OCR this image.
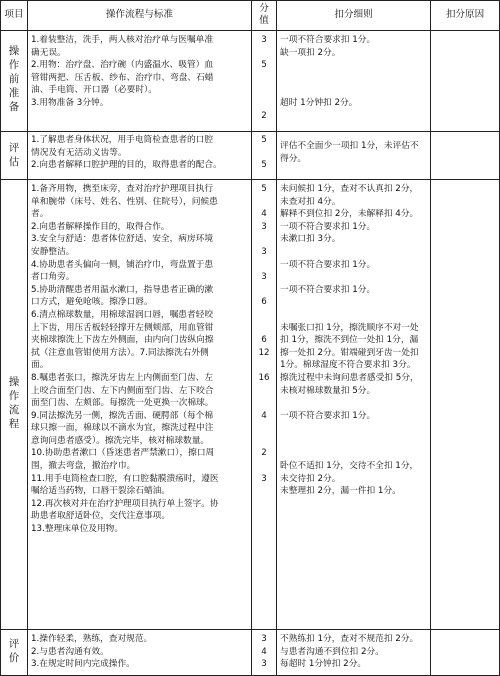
项目	操作流程与标准
分
值
扣分细则	扣分原因
操 作 前 准 备
1.着装整洁，洗手，两人核对治疗单与医嘱单准
确无误。
2.用物：治疗盘、治疗碗（内盛温水、吸管）血
管钳两把、压舌板、纱布、治疗巾、弯盘、石蜡
油、手电筒、开口器（必要时）。
3.用物准备 3分钟。
3

5

2
一项不符合要求扣 1分。
缺一项扣 2分。

超时 1分钟扣 2分。
评 估
1.了解患者身体状况，用手电筒检查患者的口腔
情况及有无活动义齿等。
2.向患者解释口腔护理的目的，取得患者的配合。
5

5
评估不全面少一项扣 1分，未评估不
得分。
操 作 流 程
1.备齐用物，携至床旁，查对治疗护理项目执行
单和腕带（床号、姓名、性别、住院号），问候患
者。
2.向患者解释操作目的，取得合作。
3.安全与舒适：患者体位舒适、安全，病房环境
安静整洁。
4.协助患者头偏向一侧，铺治疗巾，弯盘置于患
者口角旁。
5.协助清醒患者用温水漱口，指导患者正确的漱
口方式，避免呛咳。擦净口唇。
6.清点棉球数量，用棉球湿润口唇，嘱患者轻咬
上下齿，用压舌板轻轻撑开左侧颊部，用血管钳
夹棉球擦洗上下齿左外侧面，由内向门齿纵向擦
拭（注意血管钳使用方法）。7.同法擦洗右外侧
面。
8.嘱患者张口，擦洗牙齿左上内侧面至门齿、左
上咬合面至门齿、左下内侧面至门齿、左下咬合
面至门齿、左颊部。每擦洗一处更换一次棉球。
9.同法擦洗另一侧，擦洗舌面、硬腭部（每个棉
球只擦一面，棉球以不滴水为宜，擦洗过程中注
意询问患者感受）。擦洗完毕，核对棉球数量。
10.协助患者漱口（昏迷患者严禁漱口），擦口周
围，撤去弯盘，撤治疗巾。
11.用手电筒检查口腔，有口腔黏膜溃疡时，遵医
嘱给适当药物，口唇干裂涂石蜡油。
12.再次核对并在治疗护理项目执行单上签字。协
助患者取舒适卧位，交代注意事项。
13.整理床单位及用物。
5

4
3

3

3

6

6
12

16

4

2

3
未问候扣 1分，查对不认真扣 2分，
未查对扣 4分。
解释不到位扣 2分，未解释扣 4分。
一项不符合要求扣 1分。
未漱口扣 3分。

一项不符合要求扣 1分。

一项不符合要求扣 1分。

未嘱张口扣 1分，擦洗顺序不对一处
扣 1分，擦洗不到位一处扣 1分，漏
擦一处扣 2分。钳端碰到牙齿一处扣
1分。棉球湿度不符合要求扣 3分。
擦洗过程中未询问患者感受扣 5分，
未核对棉球数量扣 5分。

一项不符合要求扣 1分。

卧位不适扣 1分，交待不全扣 1分，
未交待扣 2分。
未整理扣 2分，漏一件扣 1分。
评 价
1.操作轻柔，熟练，查对规范。
2.与患者沟通有效。
3.在规定时间内完成操作。
3
4
3
不熟练扣 1分，查对不规范扣 2分。
与患者沟通不到位扣 2分。
每超时 1分钟扣 2分。
